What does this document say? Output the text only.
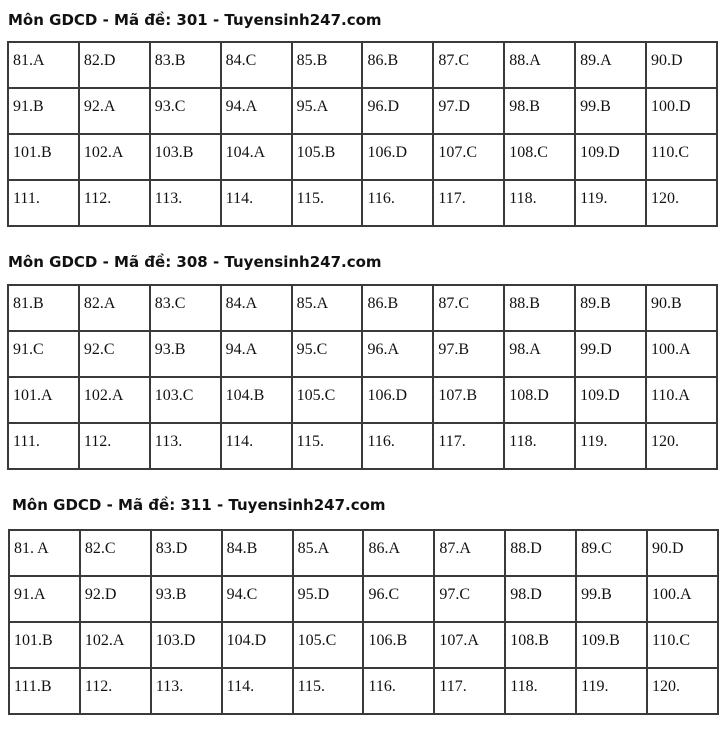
Môn GDCD - Mã đề: 301 - Tuyensinh247.com
81.A	82.D	83.B	84.C	85.B	86.B	87.C	88.A	89.A	90.D

91.B	92.A	93.C	94.A	95.A	96.D	97.D	98.B	99.B	100.D

101.B	102.A	103.B	104.A	105.B	106.D	107.C	108.C	109.D	110.C

111.	112.	113.	114.	115.	116.	117.	118.	119.	120.
Môn GDCD - Mã đề: 308 - Tuyensinh247.com
81.B	82.A	83.C	84.A	85.A	86.B	87.C	88.B	89.B	90.B

91.C	92.C	93.B	94.A	95.C	96.A	97.B	98.A	99.D	100.A

101.A	102.A	103.C	104.B	105.C	106.D	107.B	108.D	109.D	110.A

111.	112.	113.	114.	115.	116.	117.	118.	119.	120.
Môn GDCD - Mã đề: 311 - Tuyensinh247.com
81. A	82.C	83.D	84.B	85.A	86.A	87.A	88.D	89.C	90.D

91.A	92.D	93.B	94.C	95.D	96.C	97.C	98.D	99.B	100.A

101.B	102.A	103.D	104.D	105.C	106.B	107.A	108.B	109.B	110.C

111.B	112.	113.	114.	115.	116.	117.	118.	119.	120.
